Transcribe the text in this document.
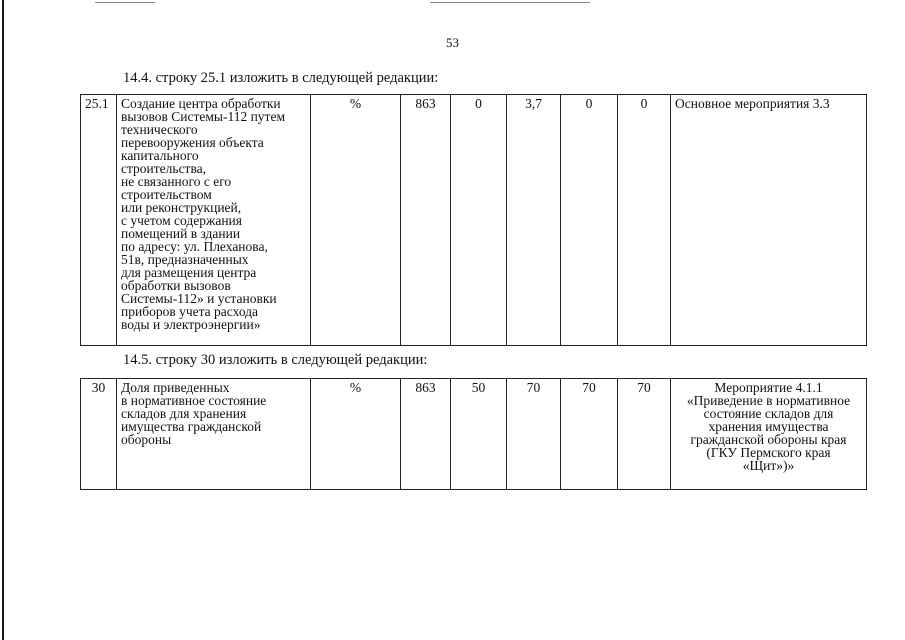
53
14.4. строку 25.1 изложить в следующей редакции:
25.1	Создание центра обработки
вызовов Системы-112 путем
технического
перевооружения объекта
капитального
строительства,
не связанного с его
строительством
или реконструкцией,
с учетом содержания
помещений в здании
по адресу: ул. Плеханова,
51в, предназначенных
для размещения центра
обработки вызовов
Системы-112» и установки
приборов учета расхода
воды и электроэнергии»	%	863	0	3,7	0	0	Основное мероприятия 3.3
14.5. строку 30 изложить в следующей редакции:
30	Доля приведенных
в нормативное состояние
складов для хранения
имущества гражданской
обороны	%	863	50	70	70	70	Мероприятие 4.1.1
«Приведение в нормативное
состояние складов для
хранения имущества
гражданской обороны края
(ГКУ Пермского края
«Щит»)»
